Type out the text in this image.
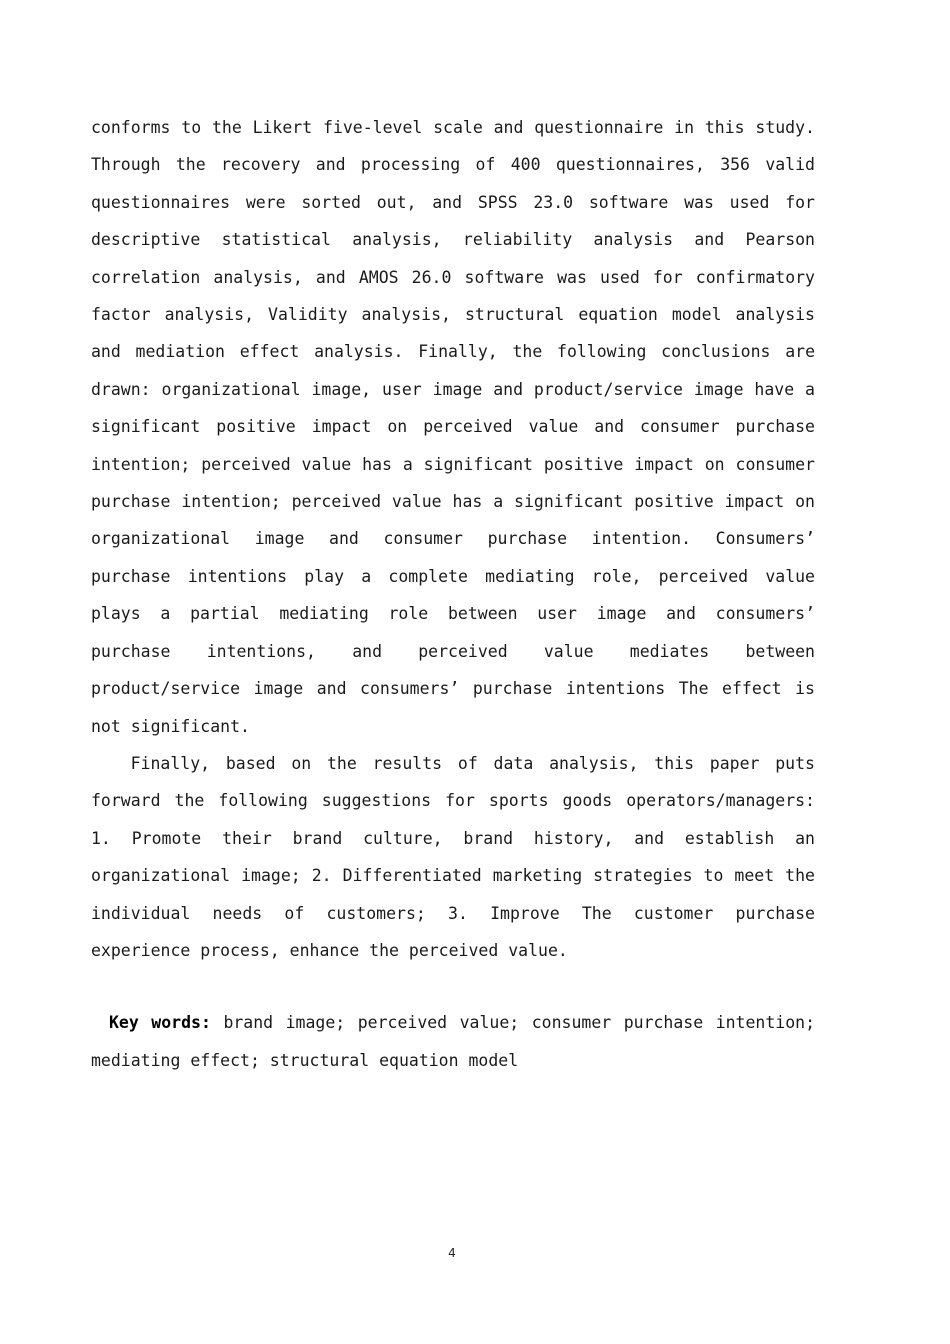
conforms to the Likert five-level scale and questionnaire in this study. Through the recovery and processing of 400 questionnaires, 356 valid questionnaires were sorted out, and SPSS 23.0 software was used for descriptive statistical analysis, reliability analysis and Pearson correlation analysis, and AMOS 26.0 software was used for confirmatory factor analysis, Validity analysis, structural equation model analysis and mediation effect analysis. Finally, the following conclusions are drawn: organizational image, user image and product/service image have a significant positive impact on perceived value and consumer purchase intention; perceived value has a significant positive impact on consumer purchase intention; perceived value has a significant positive impact on organizational image and consumer purchase intention. Consumers’ purchase intentions play a complete mediating role, perceived value plays a partial mediating role between user image and consumers’ purchase intentions, and perceived value mediates between product/service image and consumers’ purchase intentions The effect is not significant.

Finally, based on the results of data analysis, this paper puts forward the following suggestions for sports goods operators/managers: 1. Promote their brand culture, brand history, and establish an organizational image; 2. Differentiated marketing strategies to meet the individual needs of customers; 3. Improve The customer purchase experience process, enhance the perceived value.

Key words: brand image; perceived value; consumer purchase intention; mediating effect; structural equation model

4
